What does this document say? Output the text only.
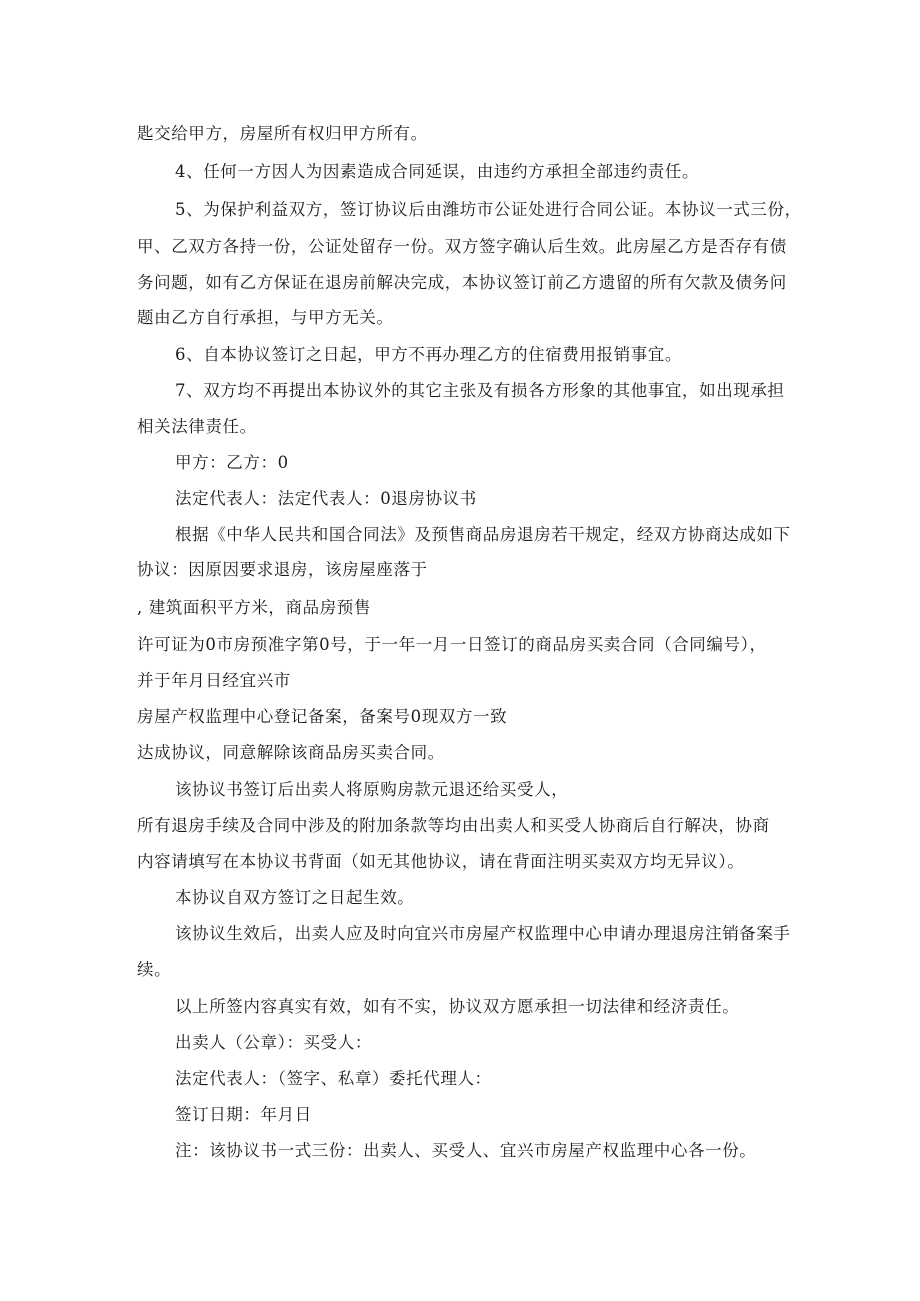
匙交给甲方，房屋所有权归甲方所有。
4、任何一方因人为因素造成合同延误，由违约方承担全部违约责任。
5、为保护利益双方，签订协议后由潍坊市公证处进行合同公证。本协议一式三份，
甲、乙双方各持一份，公证处留存一份。双方签字确认后生效。此房屋乙方是否存有债
务问题，如有乙方保证在退房前解决完成，本协议签订前乙方遗留的所有欠款及债务问
题由乙方自行承担，与甲方无关。
6、自本协议签订之日起，甲方不再办理乙方的住宿费用报销事宜。
7、双方均不再提出本协议外的其它主张及有损各方形象的其他事宜，如出现承担
相关法律责任。
甲方：乙方：0
法定代表人：法定代表人：0退房协议书
根据《中华人民共和国合同法》及预售商品房退房若干规定，经双方协商达成如下
协议：因原因要求退房，该房屋座落于
, 建筑面积平方米，商品房预售
许可证为0市房预准字第0号，于一年一月一日签订的商品房买卖合同（合同编号），
并于年月日经宜兴市
房屋产权监理中心登记备案，备案号0现双方一致
达成协议，同意解除该商品房买卖合同。
该协议书签订后出卖人将原购房款元退还给买受人，
所有退房手续及合同中涉及的附加条款等均由出卖人和买受人协商后自行解决，协商
内容请填写在本协议书背面（如无其他协议，请在背面注明买卖双方均无异议）。
本协议自双方签订之日起生效。
该协议生效后，出卖人应及时向宜兴市房屋产权监理中心申请办理退房注销备案手
续。
以上所签内容真实有效，如有不实，协议双方愿承担一切法律和经济责任。
出卖人（公章）：买受人：
法定代表人：（签字、私章）委托代理人：
签订日期：年月日
注：该协议书一式三份：出卖人、买受人、宜兴市房屋产权监理中心各一份。
